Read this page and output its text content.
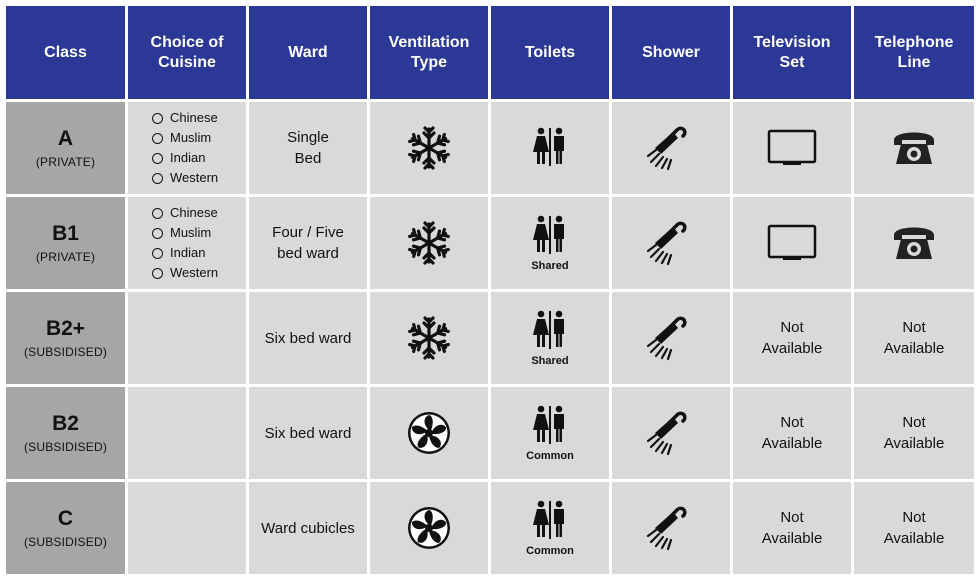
Class
Choice of Cuisine
Ward
Ventilation Type
Toilets	Shower
Television Set
Telephone Line
A
(PRIVATE)
Chinese
Muslim
Indian
Western
Single Bed
B1
(PRIVATE)
Chinese
Muslim
Indian
Western
Four / Five bed ward
Shared
B2+
(SUBSIDISED)
Six bed ward
Shared
Not Available
Not Available
B2
(SUBSIDISED)
Six bed ward
Common
Not Available
Not Available
C
(SUBSIDISED)
Ward cubicles
Common
Not Available
Not Available
